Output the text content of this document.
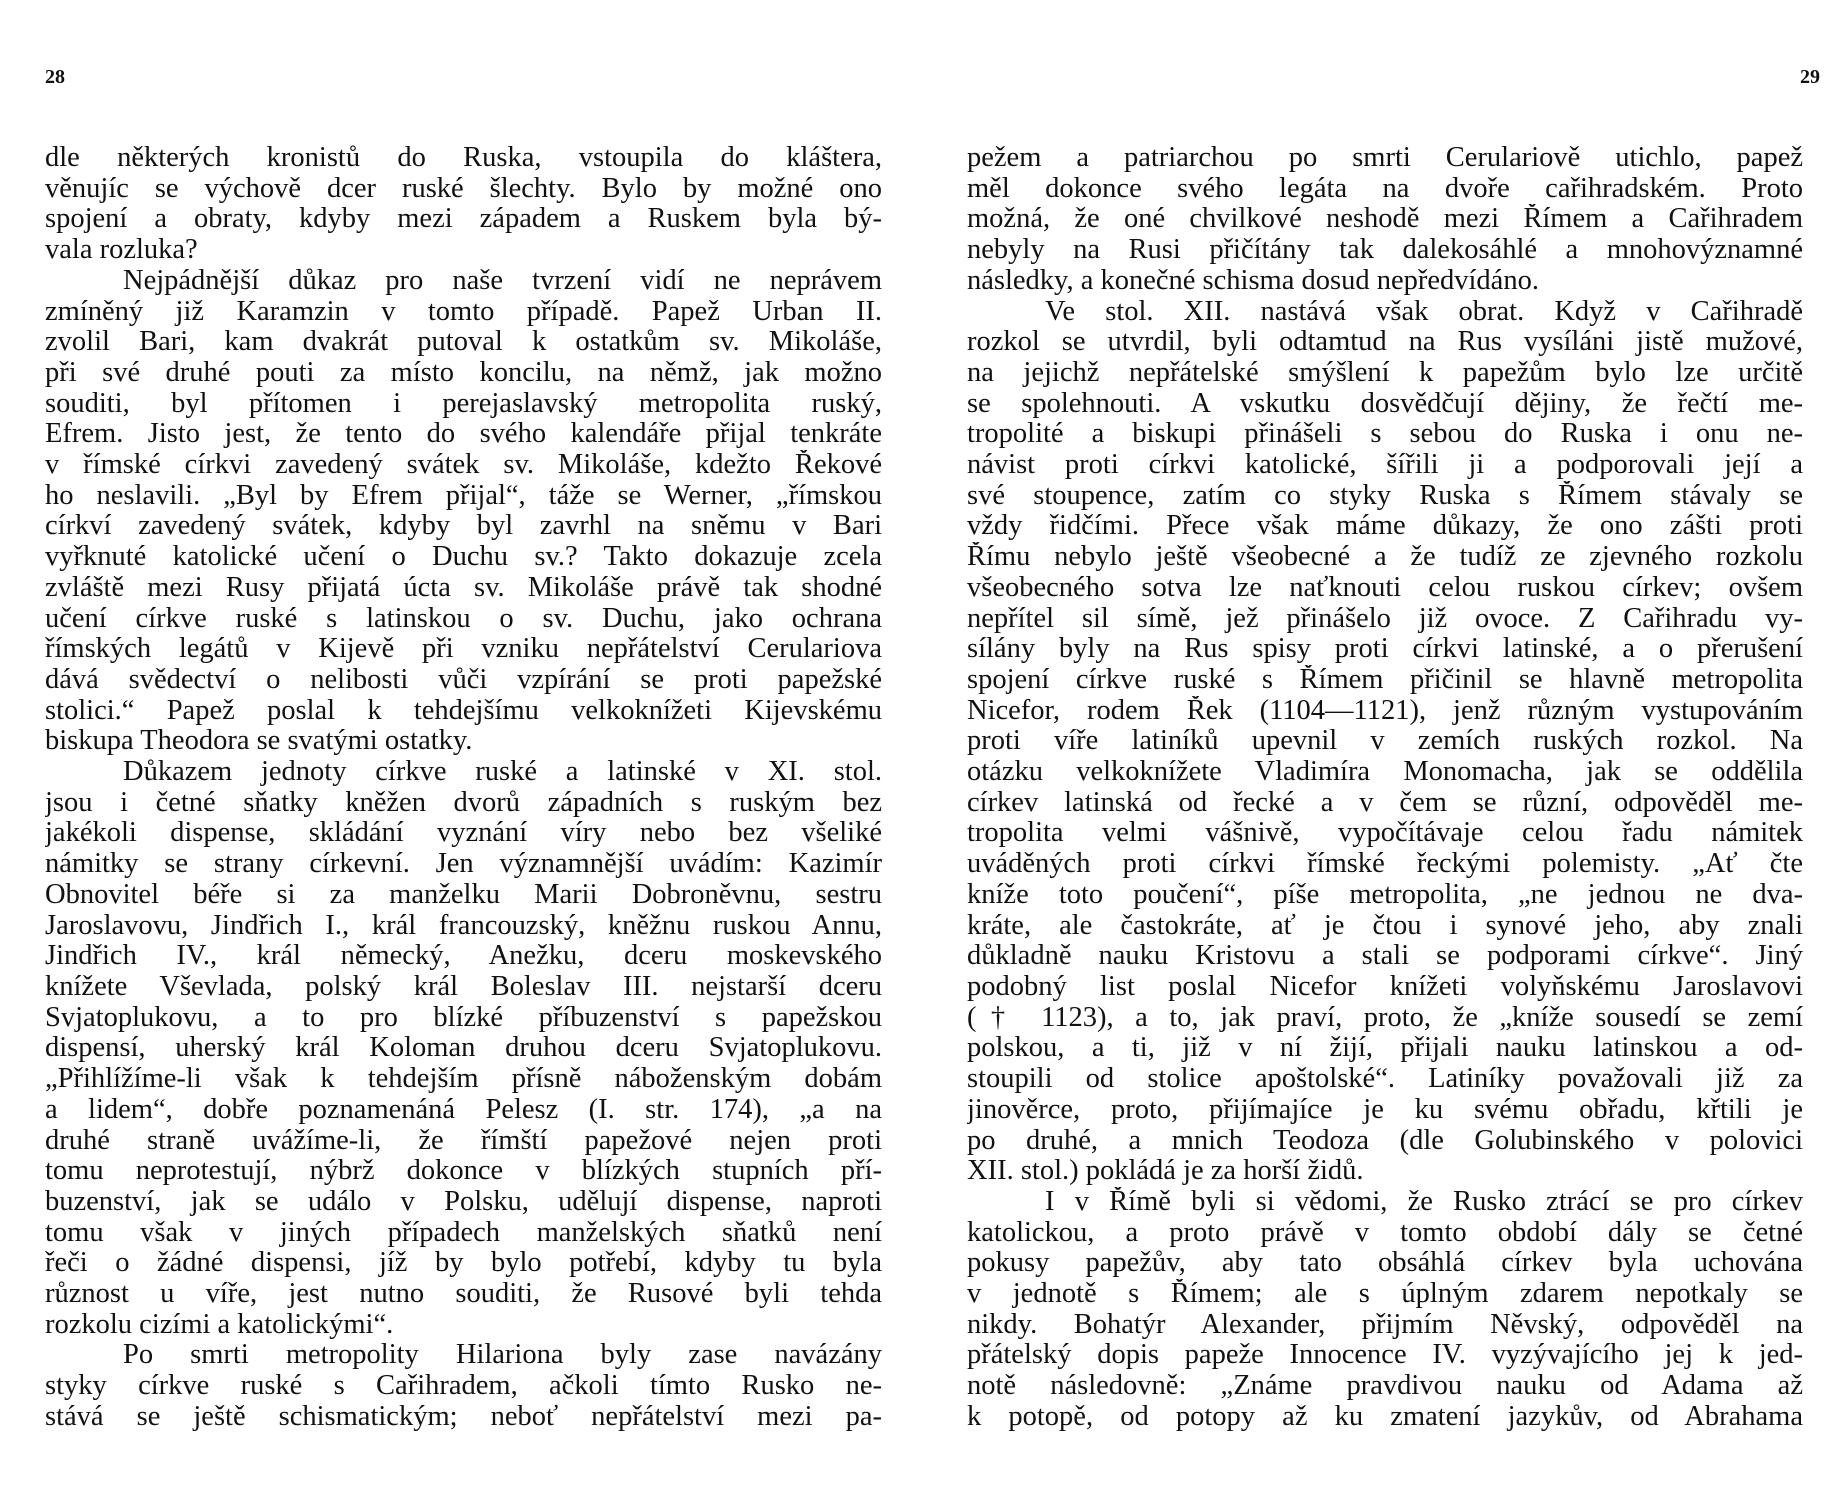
28
dle některých kronistů do Ruska, vstoupila do kláštera,
věnujíc se výchově dcer ruské šlechty. Bylo by možné ono
spojení a obraty, kdyby mezi západem a Ruskem byla bý-
vala rozluka?
Nejpádnější důkaz pro naše tvrzení vidí ne neprávem
zmíněný již Karamzin v tomto případě. Papež Urban II.
zvolil Bari, kam dvakrát putoval k ostatkům sv. Mikoláše,
při své druhé pouti za místo koncilu, na němž, jak možno
souditi, byl přítomen i perejaslavský metropolita ruský,
Efrem. Jisto jest, že tento do svého kalendáře přijal tenkráte
v římské církvi zavedený svátek sv. Mikoláše, kdežto Řekové
ho neslavili. „Byl by Efrem přijal“, táže se Werner, „římskou
církví zavedený svátek, kdyby byl zavrhl na sněmu v Bari
vyřknuté katolické učení o Duchu sv.? Takto dokazuje zcela
zvláště mezi Rusy přijatá úcta sv. Mikoláše právě tak shodné
učení církve ruské s latinskou o sv. Duchu, jako ochrana
římských legátů v Kijevě při vzniku nepřátelství Cerulariova
dává svědectví o nelibosti vůči vzpírání se proti papežské
stolici.“ Papež poslal k tehdejšímu velkoknížeti Kijevskému
biskupa Theodora se svatými ostatky.
Důkazem jednoty církve ruské a latinské v XI. stol.
jsou i četné sňatky kněžen dvorů západních s ruským bez
jakékoli dispense, skládání vyznání víry nebo bez všeliké
námitky se strany církevní. Jen významnější uvádím: Kazimír
Obnovitel béře si za manželku Marii Dobroněvnu, sestru
Jaroslavovu, Jindřich I., král francouzský, kněžnu ruskou Annu,
Jindřich IV., král německý, Anežku, dceru moskevského
knížete Vševlada, polský král Boleslav III. nejstarší dceru
Svjatoplukovu, a to pro blízké příbuzenství s papežskou
dispensí, uherský král Koloman druhou dceru Svjatoplukovu.
„Přihlížíme-li však k tehdejším přísně náboženským dobám
a lidem“, dobře poznamenáná Pelesz (I. str. 174), „a na
druhé straně uvážíme-li, že římští papežové nejen proti
tomu neprotestují, nýbrž dokonce v blízkých stupních pří-
buzenství, jak se událo v Polsku, udělují dispense, naproti
tomu však v jiných případech manželských sňatků není
řeči o žádné dispensi, jíž by bylo potřebí, kdyby tu byla
různost u víře, jest nutno souditi, že Rusové byli tehda
rozkolu cizími a katolickými“.
Po smrti metropolity Hilariona byly zase navázány
styky církve ruské s Cařihradem, ačkoli tímto Rusko ne-
stává se ještě schismatickým; neboť nepřátelství mezi pa-
29
pežem a patriarchou po smrti Cerulariově utichlo, papež
měl dokonce svého legáta na dvoře cařihradském. Proto
možná, že oné chvilkové neshodě mezi Římem a Cařihradem
nebyly na Rusi přičítány tak dalekosáhlé a mnohovýznamné
následky, a konečné schisma dosud nepředvídáno.
Ve stol. XII. nastává však obrat. Když v Cařihradě
rozkol se utvrdil, byli odtamtud na Rus vysíláni jistě mužové,
na jejichž nepřátelské smýšlení k papežům bylo lze určitě
se spolehnouti. A vskutku dosvědčují dějiny, že řečtí me-
tropolité a biskupi přinášeli s sebou do Ruska i onu ne-
návist proti církvi katolické, šířili ji a podporovali její a
své stoupence, zatím co styky Ruska s Římem stávaly se
vždy řidčími. Přece však máme důkazy, že ono zášti proti
Římu nebylo ještě všeobecné a že tudíž ze zjevného rozkolu
všeobecného sotva lze naťknouti celou ruskou církev; ovšem
nepřítel sil símě, jež přinášelo již ovoce. Z Cařihradu vy-
sílány byly na Rus spisy proti církvi latinské, a o přerušení
spojení církve ruské s Římem přičinil se hlavně metropolita
Nicefor, rodem Řek (1104—1121), jenž různým vystupováním
proti víře latiníků upevnil v zemích ruských rozkol. Na
otázku velkoknížete Vladimíra Monomacha, jak se oddělila
církev latinská od řecké a v čem se různí, odpověděl me-
tropolita velmi vášnivě, vypočítávaje celou řadu námitek
uváděných proti církvi římské řeckými polemisty. „Ať čte
kníže toto poučení“, píše metropolita, „ne jednou ne dva-
kráte, ale častokráte, ať je čtou i synové jeho, aby znali
důkladně nauku Kristovu a stali se podporami církve“. Jiný
podobný list poslal Nicefor knížeti volyňskému Jaroslavovi
(† 1123), a to, jak praví, proto, že „kníže sousedí se zemí
polskou, a ti, již v ní žijí, přijali nauku latinskou a od-
stoupili od stolice apoštolské“. Latiníky považovali již za
jinověrce, proto, přijímajíce je ku svému obřadu, křtili je
po druhé, a mnich Teodoza (dle Golubinského v polovici
XII. stol.) pokládá je za horší židů.
I v Římě byli si vědomi, že Rusko ztrácí se pro církev
katolickou, a proto právě v tomto období dály se četné
pokusy papežův, aby tato obsáhlá církev byla uchována
v jednotě s Římem; ale s úplným zdarem nepotkaly se
nikdy. Bohatýr Alexander, přijmím Něvský, odpověděl na
přátelský dopis papeže Innocence IV. vyzývajícího jej k jed-
notě následovně: „Známe pravdivou nauku od Adama až
k potopě, od potopy až ku zmatení jazykův, od Abrahama
